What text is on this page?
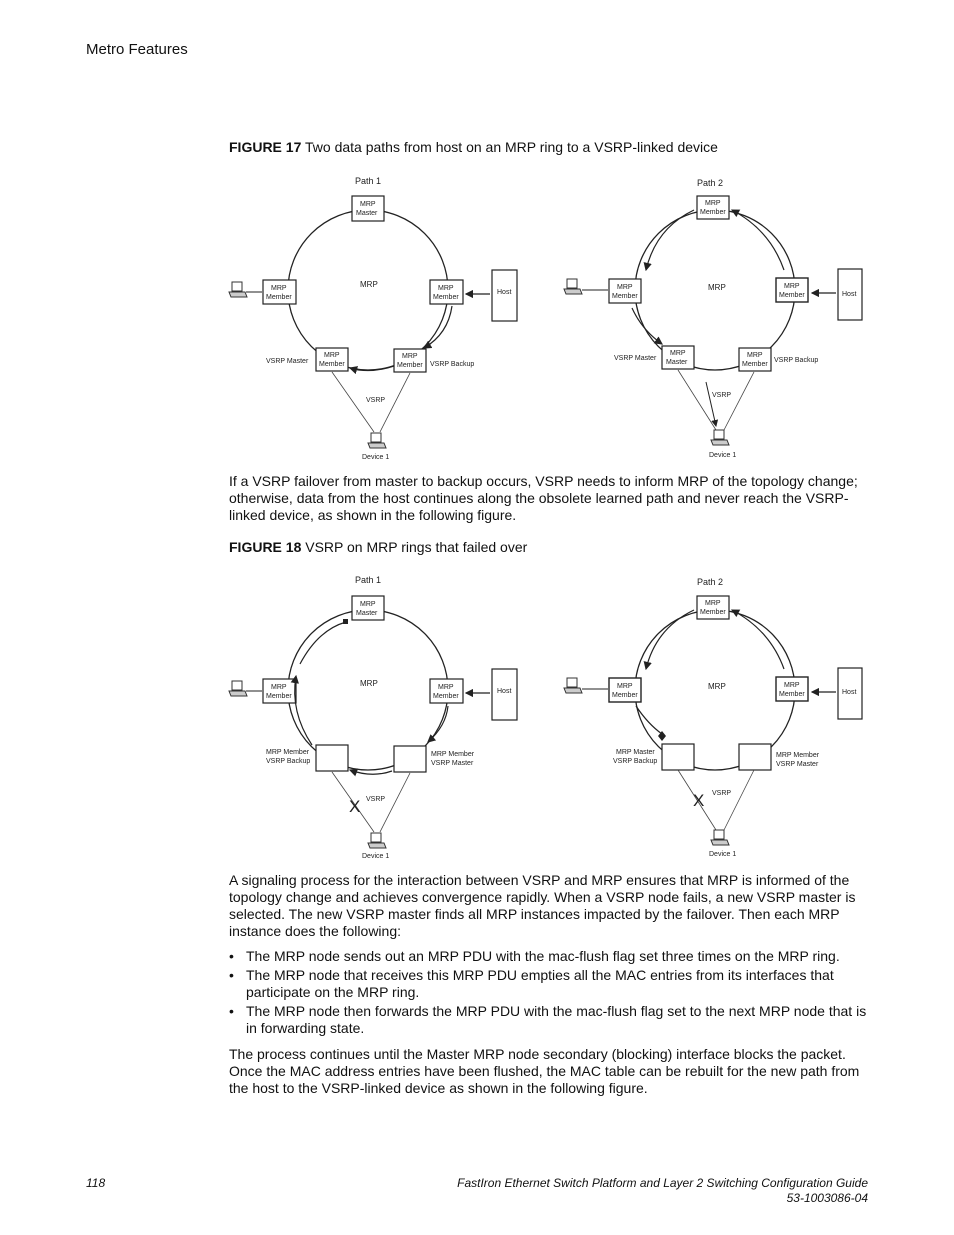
Metro Features
FIGURE 17 Two data paths from host on an MRP ring to a VSRP-linked device
Path 1
MRP
MRP
Master
MRP
Member
MRP
Member
Host
MRP
Member
MRP
Member
VSRP Master	VSRP Backup
VSRP
Device 1
Path 2
MRP
MRP
Member
MRP
Member
MRP
Member	Host
MRP
Master
MRP
Member
VSRP Master	VSRP Backup
VSRP
Device 1

If a VSRP failover from master to backup occurs, VSRP needs to inform MRP of the topology change; otherwise, data from the host continues along the obsolete learned path and never reach the VSRP-linked device, as shown in the following figure.

FIGURE 18 VSRP on MRP rings that failed over
Path 1
MRP
MRP
Master
MRP
Member
MRP
Member
Host
MRP Member
VSRP Backup
MRP Member
VSRP Master
X VSRP
Device 1
Path 2
MRP
MRP
Member
MRP
Member
MRP
Member	Host
MRP Master
VSRP Backup
MRP Member
VSRP Master
X VSRP
Device 1

A signaling process for the interaction between VSRP and MRP ensures that MRP is informed of the topology change and achieves convergence rapidly. When a VSRP node fails, a new VSRP master is selected. The new VSRP master finds all MRP instances impacted by the failover. Then each MRP instance does the following:

• The MRP node sends out an MRP PDU with the mac-flush flag set three times on the MRP ring.
• The MRP node that receives this MRP PDU empties all the MAC entries from its interfaces that participate on the MRP ring.
• The MRP node then forwards the MRP PDU with the mac-flush flag set to the next MRP node that is in forwarding state.

The process continues until the Master MRP node secondary (blocking) interface blocks the packet. Once the MAC address entries have been flushed, the MAC table can be rebuilt for the new path from the host to the VSRP-linked device as shown in the following figure.

118	FastIron Ethernet Switch Platform and Layer 2 Switching Configuration Guide
53-1003086-04
